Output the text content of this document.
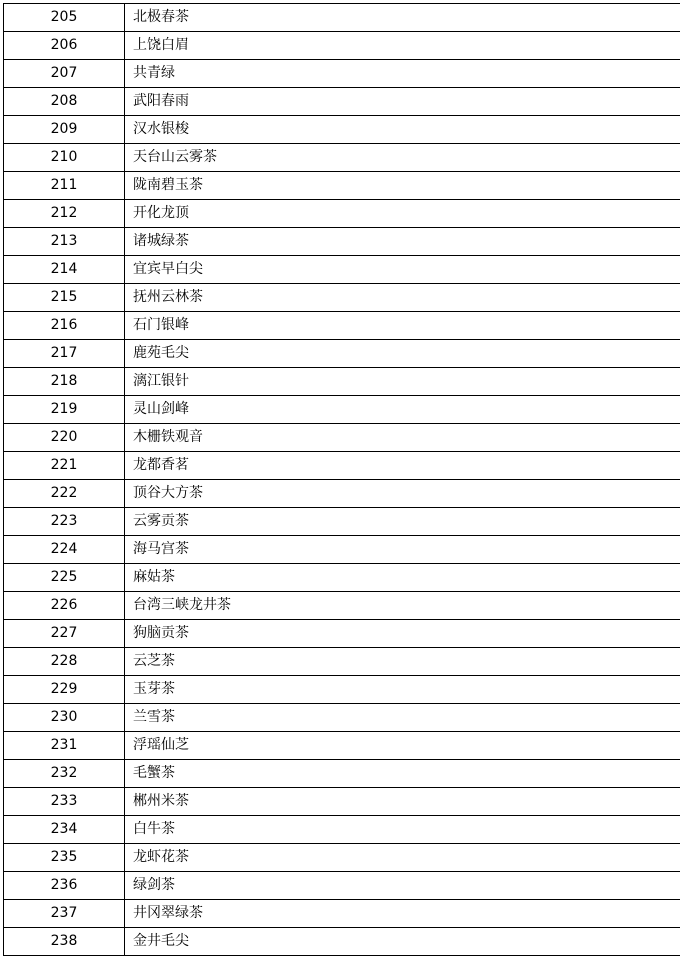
205	北极春茶
206	上饶白眉
207	共青绿
208	武阳春雨
209	汉水银梭
210	天台山云雾茶
211	陇南碧玉茶
212	开化龙顶
213	诸城绿茶
214	宜宾早白尖
215	抚州云林茶
216	石门银峰
217	鹿苑毛尖
218	漓江银针
219	灵山剑峰
220	木栅铁观音
221	龙都香茗
222	顶谷大方茶
223	云雾贡茶
224	海马宫茶
225	麻姑茶
226	台湾三峡龙井茶
227	狗脑贡茶
228	云芝茶
229	玉芽茶
230	兰雪茶
231	浮瑶仙芝
232	毛蟹茶
233	郴州米茶
234	白牛茶
235	龙虾花茶
236	绿剑茶
237	井冈翠绿茶
238	金井毛尖
